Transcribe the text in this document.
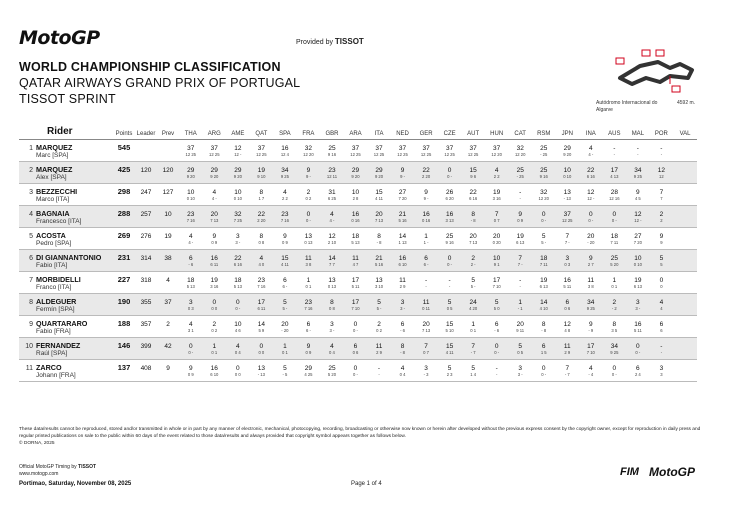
MotoGP	Provided by TISSOT
WORLD CHAMPIONSHIP CLASSIFICATION
QATAR AIRWAYS GRAND PRIX OF PORTUGAL
TISSOT SPRINT	Autódromo Internacional do	4592 m.
Algarve
	Rider	Points	Leader	Prev	THA	ARG	AME	QAT	SPA	FRA	GBR	ARA	ITA	NED	GER	CZE	AUT	HUN	CAT	RSM	JPN	INA	AUS	MAL	POR	VAL
1	MARQUEZ	545			37	37	12	37	16	32	25	37	37	37	37	37	37	37	32	25	29	4	-	-	-	
	Marc [SPA]				12 25	12 25	12 -	12 25	12 4	12 20	9 16	12 25	12 25	12 25	12 25	12 25	12 25	12 20	12 20	- 25	9 20	4 -	-	-	-	
2	MARQUEZ	425	120	120	29	29	29	19	34	9	23	29	29	9	22	0	15	4	25	25	10	22	17	34	12	
	Alex [SPA]				9 20	9 20	9 20	9 10	9 25	9 -	12 11	9 20	9 20	9 -	2 20	0 -	9 6	2 2	- 25	9 16	0 10	6 16	4 13	9 25	12	
3	BEZZECCHI	298	247	127	10	4	10	8	4	2	31	10	15	27	9	26	22	19	-	32	13	12	28	9	7	
	Marco [ITA]				0 10	4 -	0 10	1 7	2 2	0 2	6 25	2 8	4 11	7 20	9 -	6 20	6 16	3 16	-	12 20	- 13	12 -	12 16	4 5	7	
4	BAGNAIA	288	257	10	23	20	32	22	23	0	4	16	20	21	16	16	8	7	9	0	37	0	0	12	2	
	Francesco [ITA]				7 16	7 13	7 25	2 20	7 16	0 -	4 -	0 16	7 13	5 16	0 16	3 13	- 8	0 7	0 9	0 -	12 25	0 -	0 -	12 -	2	
5	ACOSTA	269	276	19	4	9	3	8	9	13	12	18	8	14	1	25	20	20	19	5	7	20	18	27	9	
	Pedro [SPA]				4 -	0 9	3 -	0 8	0 9	0 13	2 10	5 13	- 8	1 13	1 -	9 16	7 13	0 20	6 13	5 -	7 -	- 20	7 11	7 20	9	
6	DI GIANNANTONIO	231	314	38	6	16	22	4	15	11	14	11	21	16	6	0	2	10	7	18	3	9	25	10	5	
	Fabio [ITA]				- 6	6 11	6 16	4 0	4 11	3 8	7 7	4 7	5 16	6 10	6 -	0 -	2 -	9 1	7 -	7 11	0 3	2 7	5 20	0 10	5	
7	MORBIDELLI	227	318	4	18	19	18	23	6	1	13	17	13	11	-	-	5	17	-	19	16	11	1	19	0	
	Franco [ITA]				5 13	3 16	5 13	7 16	6 -	0 1	0 13	5 11	3 10	2 9	-	-	5 -	7 10	-	6 13	5 11	3 8	0 1	6 13	0	
8	ALDEGUER	190	355	37	3	0	0	17	5	23	8	17	5	3	11	5	24	5	1	14	6	34	2	3	4	
	Fermín [SPA]				0 3	0 0	0 -	6 11	5 -	7 16	0 8	7 10	5 -	3 -	0 11	0 5	4 20	5 0	- 1	4 10	0 6	9 25	- 2	3 -	4	
9	QUARTARARO	188	357	2	4	2	10	14	20	6	3	0	2	6	20	15	1	6	20	8	12	9	8	16	6	
	Fabio [FRA]				3 1	0 2	4 6	5 9	- 20	6 -	3 -	0 -	0 2	- 6	7 13	5 10	0 1	- 6	9 11	- 8	4 8	- 9	3 5	5 11	6	
10	FERNANDEZ	146	399	42	0	1	4	0	1	9	4	6	11	8	7	15	7	0	5	6	11	17	34	0	-	
	Raúl [SPA]				0 -	0 1	0 4	0 0	0 1	0 9	0 4	0 6	2 9	- 8	0 7	4 11	- 7	0 -	0 5	1 5	2 9	7 10	9 25	0 -	-	
11	ZARCO	137	408	9	9	16	0	13	5	29	25	0	-	4	3	5	5	-	3	0	7	4	0	6	3	
	Johann [FRA]				0 9	6 10	0 0	- 13	- 5	4 25	5 20	0 -	-	0 4	- 3	2 3	1 4	-	3 -	0 -	- 7	- 4	0 -	2 4	3	
These data/results cannot be reproduced, stored and/or transmitted in whole or in part by any manner of electronic, mechanical, photocopying, recording, broadcasting or otherwise now known or herein after developed without the previous express consent by the copyright owner, except for reproduction in daily press and regular printed publications on sale to the public within 60 days of the event related to those data/results and always provided that copyright symbol appears together as follows below.
© DORNA, 2025
Official MotoGP Timing by TISSOT
www.motogp.com
Portimao, Saturday, November 08, 2025	Page 1 of 4
FIM MotoGP
